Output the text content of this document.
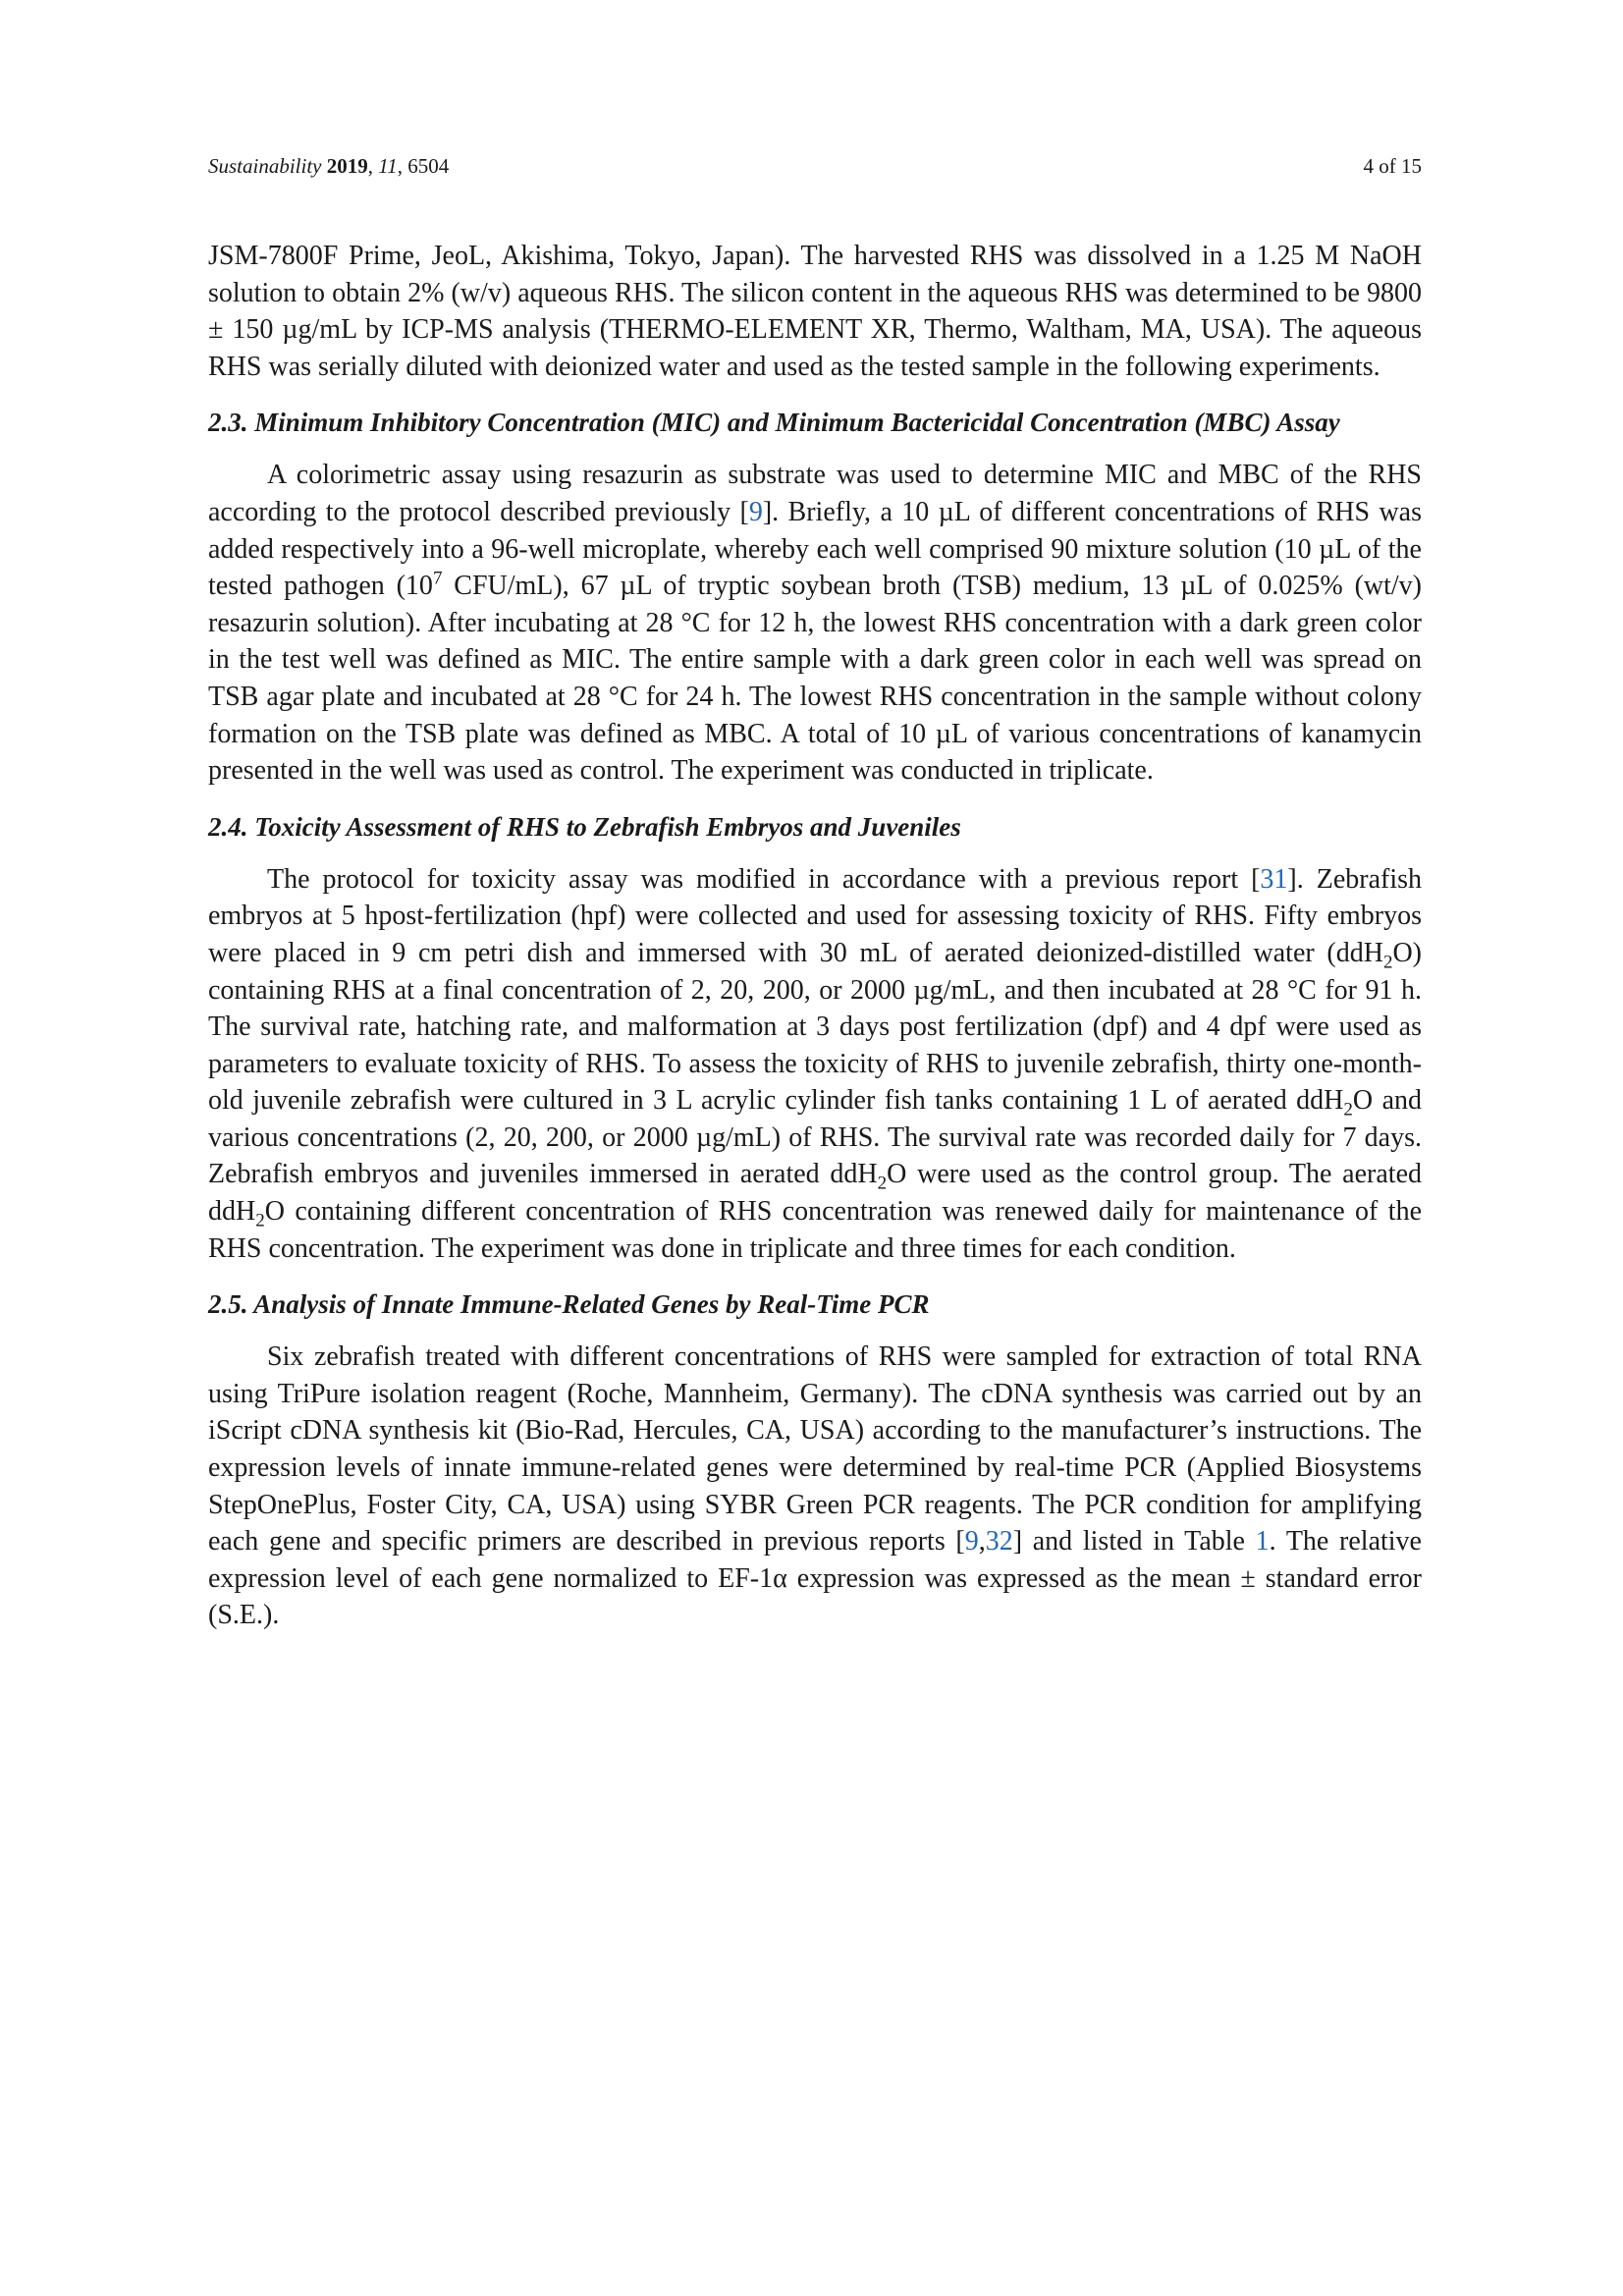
Sustainability 2019, 11, 6504	4 of 15

JSM-7800F Prime, JeoL, Akishima, Tokyo, Japan). The harvested RHS was dissolved in a 1.25 M NaOH solution to obtain 2% (w/v) aqueous RHS. The silicon content in the aqueous RHS was determined to be 9800 ± 150 µg/mL by ICP-MS analysis (THERMO-ELEMENT XR, Thermo, Waltham, MA, USA). The aqueous RHS was serially diluted with deionized water and used as the tested sample in the following experiments.

2.3. Minimum Inhibitory Concentration (MIC) and Minimum Bactericidal Concentration (MBC) Assay

A colorimetric assay using resazurin as substrate was used to determine MIC and MBC of the RHS according to the protocol described previously [9]. Briefly, a 10 µL of different concentrations of RHS was added respectively into a 96-well microplate, whereby each well comprised 90 mixture solution (10 µL of the tested pathogen ($10^7$ CFU/mL), 67 µL of tryptic soybean broth (TSB) medium, 13 µL of 0.025% (wt/v) resazurin solution). After incubating at 28 °C for 12 h, the lowest RHS concentration with a dark green color in the test well was defined as MIC. The entire sample with a dark green color in each well was spread on TSB agar plate and incubated at 28 °C for 24 h. The lowest RHS concentration in the sample without colony formation on the TSB plate was defined as MBC. A total of 10 µL of various concentrations of kanamycin presented in the well was used as control. The experiment was conducted in triplicate.

2.4. Toxicity Assessment of RHS to Zebrafish Embryos and Juveniles

The protocol for toxicity assay was modified in accordance with a previous report [31]. Zebrafish embryos at 5 hpost-fertilization (hpf) were collected and used for assessing toxicity of RHS. Fifty embryos were placed in 9 cm petri dish and immersed with 30 mL of aerated deionized-distilled water (ddH$_2$O) containing RHS at a final concentration of 2, 20, 200, or 2000 µg/mL, and then incubated at 28 °C for 91 h. The survival rate, hatching rate, and malformation at 3 days post fertilization (dpf) and 4 dpf were used as parameters to evaluate toxicity of RHS. To assess the toxicity of RHS to juvenile zebrafish, thirty one-month-old juvenile zebrafish were cultured in 3 L acrylic cylinder fish tanks containing 1 L of aerated ddH$_2$O and various concentrations (2, 20, 200, or 2000 µg/mL) of RHS. The survival rate was recorded daily for 7 days. Zebrafish embryos and juveniles immersed in aerated ddH$_2$O were used as the control group. The aerated ddH$_2$O containing different concentration of RHS concentration was renewed daily for maintenance of the RHS concentration. The experiment was done in triplicate and three times for each condition.

2.5. Analysis of Innate Immune-Related Genes by Real-Time PCR

Six zebrafish treated with different concentrations of RHS were sampled for extraction of total RNA using TriPure isolation reagent (Roche, Mannheim, Germany). The cDNA synthesis was carried out by an iScript cDNA synthesis kit (Bio-Rad, Hercules, CA, USA) according to the manufacturer’s instructions. The expression levels of innate immune-related genes were determined by real-time PCR (Applied Biosystems StepOnePlus, Foster City, CA, USA) using SYBR Green PCR reagents. The PCR condition for amplifying each gene and specific primers are described in previous reports [9,32] and listed in Table 1. The relative expression level of each gene normalized to EF-1α expression was expressed as the mean ± standard error (S.E.).
